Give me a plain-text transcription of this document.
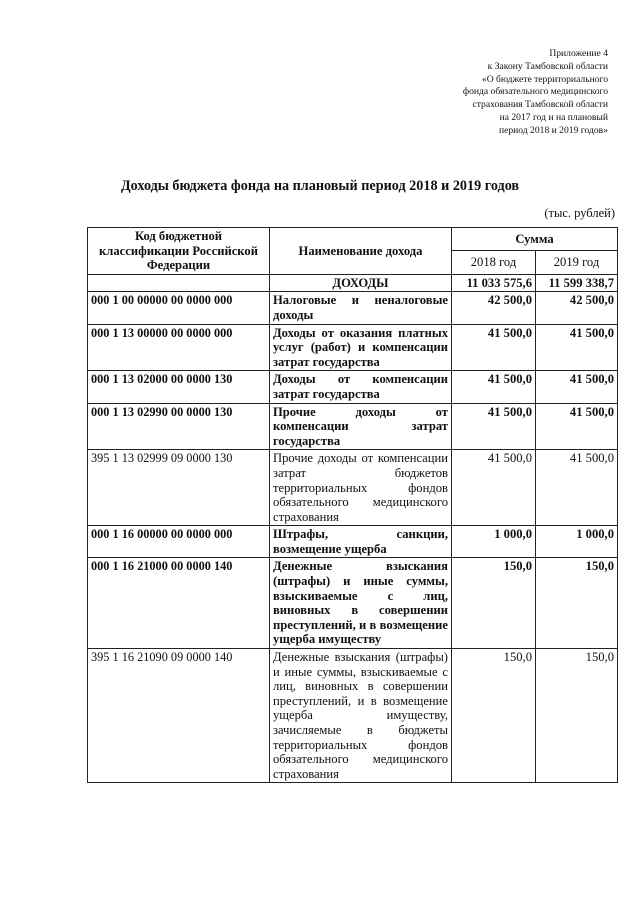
Приложение 4
к Закону Тамбовской области
«О бюджете территориального
фонда обязательного медицинского
страхования Тамбовской области
на 2017 год и на плановый
период 2018 и 2019 годов»
Доходы бюджета фонда на плановый период 2018 и 2019 годов
(тыс. рублей)
Код бюджетной классификации Российской Федерации	Наименование дохода	Сумма	
		2018 год	2019 год
	ДОХОДЫ	11 033 575,6	11 599 338,7
000 1 00 00000 00 0000 000	Налоговые и неналоговые доходы	42 500,0	42 500,0
000 1 13 00000 00 0000 000	Доходы от оказания платных услуг (работ) и компенсации затрат государства	41 500,0	41 500,0
000 1 13 02000 00 0000 130	Доходы от компенсации затрат государства	41 500,0	41 500,0
000 1 13 02990 00 0000 130	Прочие доходы от компенсации затрат государства	41 500,0	41 500,0
395 1 13 02999 09 0000 130	Прочие доходы от компенсации затрат бюджетов территориальных фондов обязательного медицинского страхования	41 500,0	41 500,0
000 1 16 00000 00 0000 000	Штрафы, санкции, возмещение ущерба	1 000,0	1 000,0
000 1 16 21000 00 0000 140	Денежные взыскания (штрафы) и иные суммы, взыскиваемые с лиц, виновных в совершении преступлений, и в возмещение ущерба имуществу	150,0	150,0
395 1 16 21090 09 0000 140	Денежные взыскания (штрафы) и иные суммы, взыскиваемые с лиц, виновных в совершении преступлений, и в возмещение ущерба имуществу, зачисляемые в бюджеты территориальных фондов обязательного медицинского страхования	150,0	150,0
